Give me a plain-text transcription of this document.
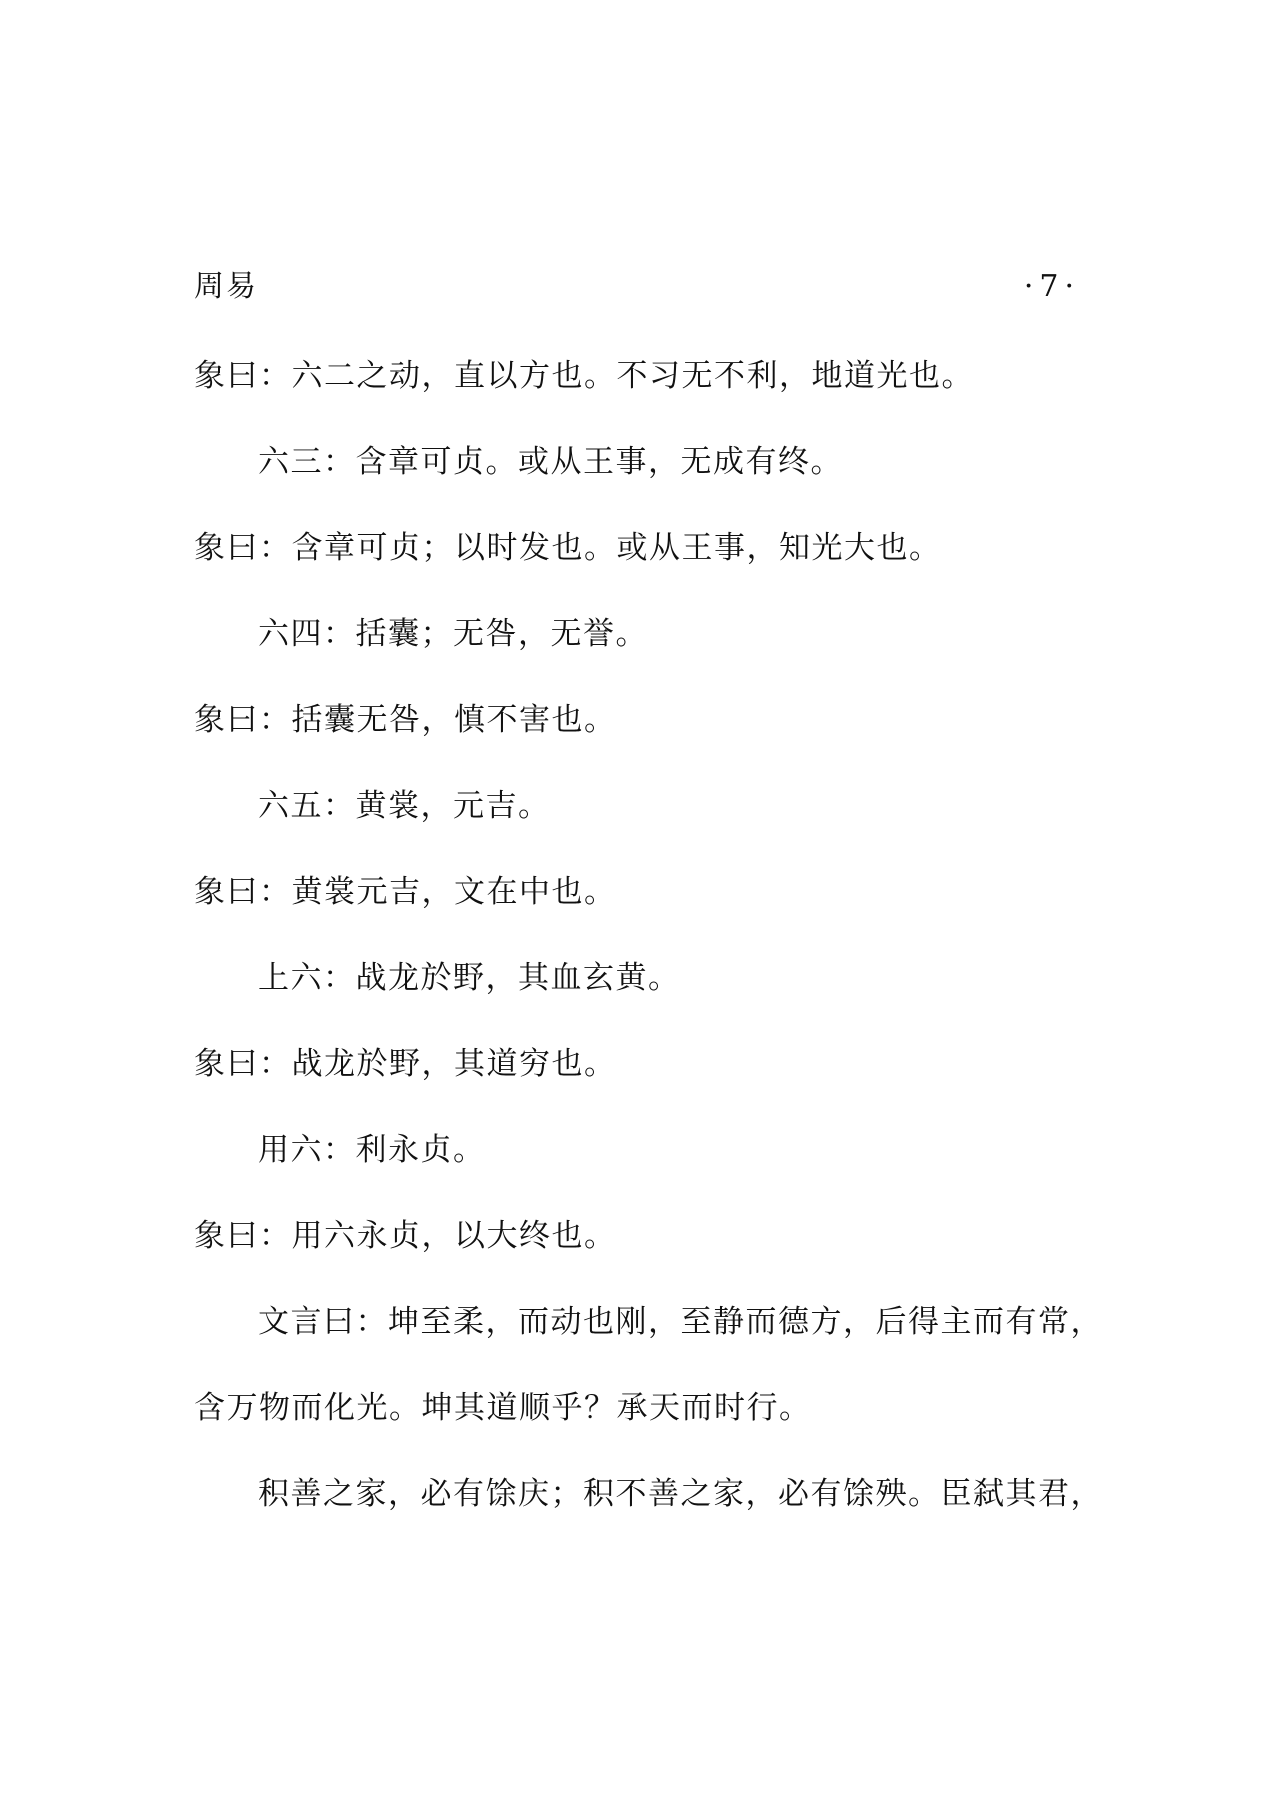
周易	·7·
象曰：六二之动，直以方也。不习无不利，地道光也。
六三：含章可贞。或从王事，无成有终。
象曰：含章可贞；以时发也。或从王事，知光大也。
六四：括囊；无咎，无誉。
象曰：括囊无咎，慎不害也。
六五：黄裳，元吉。
象曰：黄裳元吉，文在中也。
上六：战龙於野，其血玄黄。
象曰：战龙於野，其道穷也。
用六：利永贞。
象曰：用六永贞，以大终也。
文言曰：坤至柔，而动也刚，至静而德方，后得主而有常，
含万物而化光。坤其道顺乎？承天而时行。
积善之家，必有馀庆；积不善之家，必有馀殃。臣弑其君，
